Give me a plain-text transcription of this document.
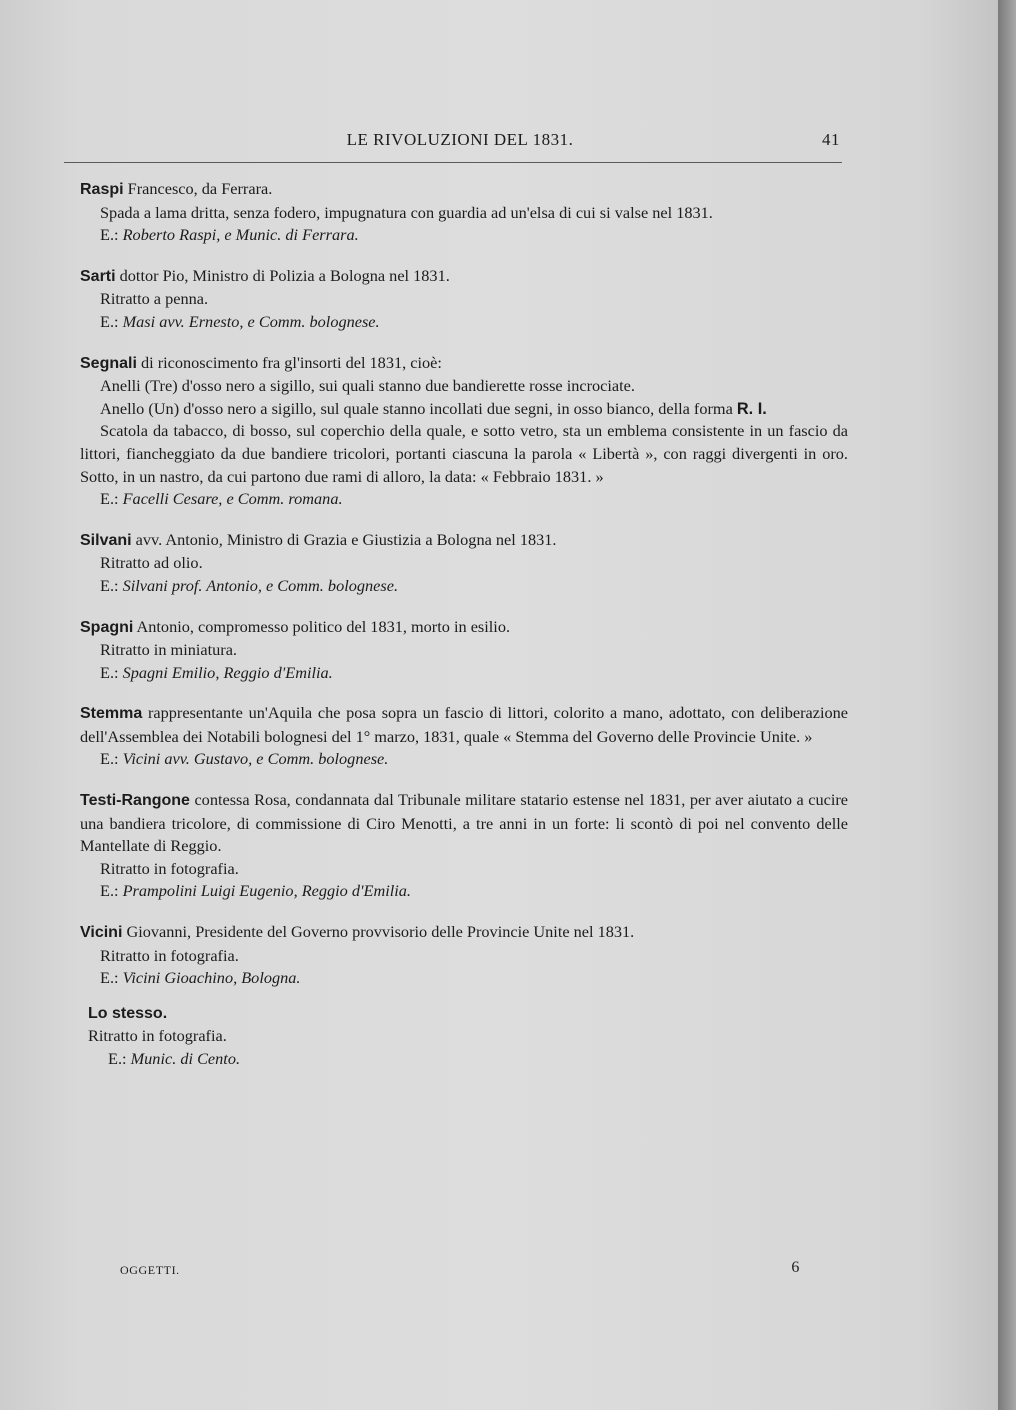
LE RIVOLUZIONI DEL 1831.	41
Raspi Francesco, da Ferrara.
Spada a lama dritta, senza fodero, impugnatura con guardia ad un'elsa di cui si valse nel 1831.
E.: Roberto Raspi, e Munic. di Ferrara.
Sarti dottor Pio, Ministro di Polizia a Bologna nel 1831.
Ritratto a penna.
E.: Masi avv. Ernesto, e Comm. bolognese.
Segnali di riconoscimento fra gl'insorti del 1831, cioè:
Anelli (Tre) d'osso nero a sigillo, sui quali stanno due bandierette rosse incrociate.
Anello (Un) d'osso nero a sigillo, sul quale stanno incollati due segni, in osso bianco, della forma R. I.
Scatola da tabacco, di bosso, sul coperchio della quale, e sotto vetro, sta un emblema consistente in un fascio da littori, fiancheggiato da due bandiere tricolori, portanti ciascuna la parola « Libertà », con raggi divergenti in oro. Sotto, in un nastro, da cui partono due rami di alloro, la data: « Febbraio 1831. »
E.: Facelli Cesare, e Comm. romana.
Silvani avv. Antonio, Ministro di Grazia e Giustizia a Bologna nel 1831.
Ritratto ad olio.
E.: Silvani prof. Antonio, e Comm. bolognese.
Spagni Antonio, compromesso politico del 1831, morto in esilio.
Ritratto in miniatura.
E.: Spagni Emilio, Reggio d'Emilia.
Stemma rappresentante un'Aquila che posa sopra un fascio di littori, colorito a mano, adottato, con deliberazione dell'Assemblea dei Notabili bolognesi del 1° marzo, 1831, quale « Stemma del Governo delle Provincie Unite. »
E.: Vicini avv. Gustavo, e Comm. bolognese.
Testi-Rangone contessa Rosa, condannata dal Tribunale militare statario estense nel 1831, per aver aiutato a cucire una bandiera tricolore, di commissione di Ciro Menotti, a tre anni in un forte: li scontò di poi nel convento delle Mantellate di Reggio.
Ritratto in fotografia.
E.: Prampolini Luigi Eugenio, Reggio d'Emilia.
Vicini Giovanni, Presidente del Governo provvisorio delle Provincie Unite nel 1831.
Ritratto in fotografia.
E.: Vicini Gioachino, Bologna.
Lo stesso.
Ritratto in fotografia.
E.: Munic. di Cento.
OGGETTI.	6
